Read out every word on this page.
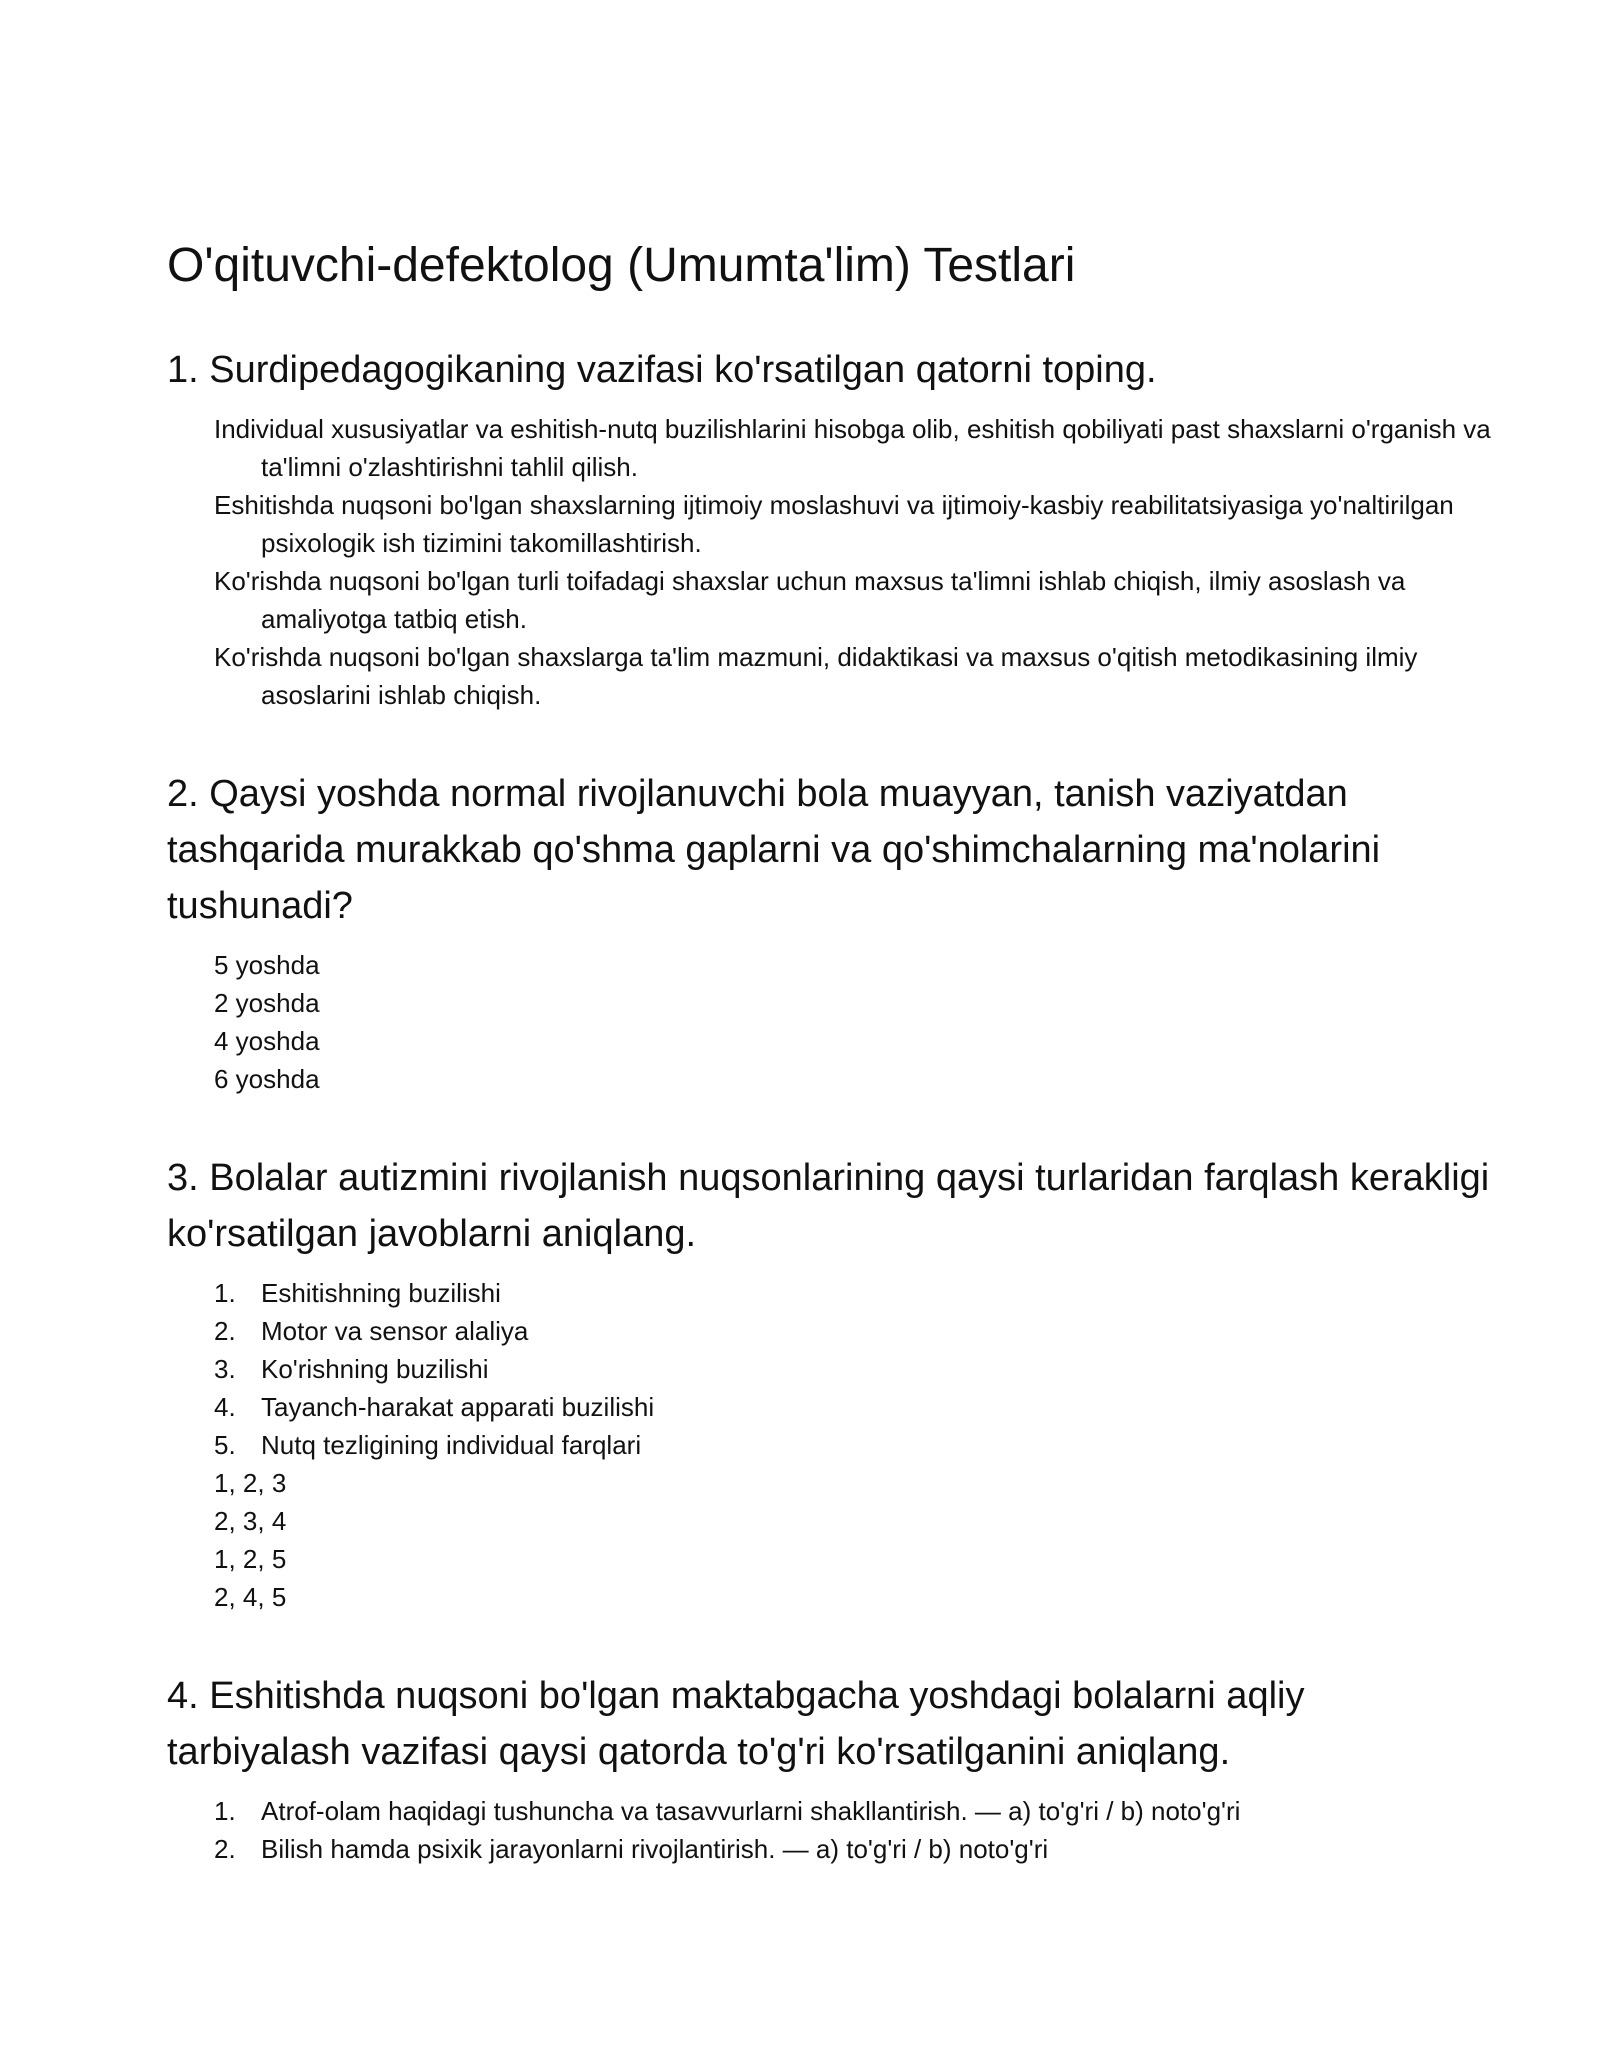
O'qituvchi-defektolog (Umumta'lim) Testlari
1. Surdipedagogikaning vazifasi ko'rsatilgan qatorni toping.
Individual xususiyatlar va eshitish-nutq buzilishlarini hisobga olib, eshitish qobiliyati past shaxslarni o'rganish va ta'limni o'zlashtirishni tahlil qilish.
Eshitishda nuqsoni bo'lgan shaxslarning ijtimoiy moslashuvi va ijtimoiy-kasbiy reabilitatsiyasiga yo'naltirilgan psixologik ish tizimini takomillashtirish.
Ko'rishda nuqsoni bo'lgan turli toifadagi shaxslar uchun maxsus ta'limni ishlab chiqish, ilmiy asoslash va amaliyotga tatbiq etish.
Ko'rishda nuqsoni bo'lgan shaxslarga ta'lim mazmuni, didaktikasi va maxsus o'qitish metodikasining ilmiy asoslarini ishlab chiqish.
2. Qaysi yoshda normal rivojlanuvchi bola muayyan, tanish vaziyatdan tashqarida murakkab qo'shma gaplarni va qo'shimchalarning ma'nolarini tushunadi?
5 yoshda
2 yoshda
4 yoshda
6 yoshda
3. Bolalar autizmini rivojlanish nuqsonlarining qaysi turlaridan farqlash kerakligi ko'rsatilgan javoblarni aniqlang.
1. Eshitishning buzilishi
2. Motor va sensor alaliya
3. Ko'rishning buzilishi
4. Tayanch-harakat apparati buzilishi
5. Nutq tezligining individual farqlari
1, 2, 3
2, 3, 4
1, 2, 5
2, 4, 5
4. Eshitishda nuqsoni bo'lgan maktabgacha yoshdagi bolalarni aqliy tarbiyalash vazifasi qaysi qatorda to'g'ri ko'rsatilganini aniqlang.
1. Atrof-olam haqidagi tushuncha va tasavvurlarni shakllantirish. — a) to'g'ri / b) noto'g'ri
2. Bilish hamda psixik jarayonlarni rivojlantirish. — a) to'g'ri / b) noto'g'ri
